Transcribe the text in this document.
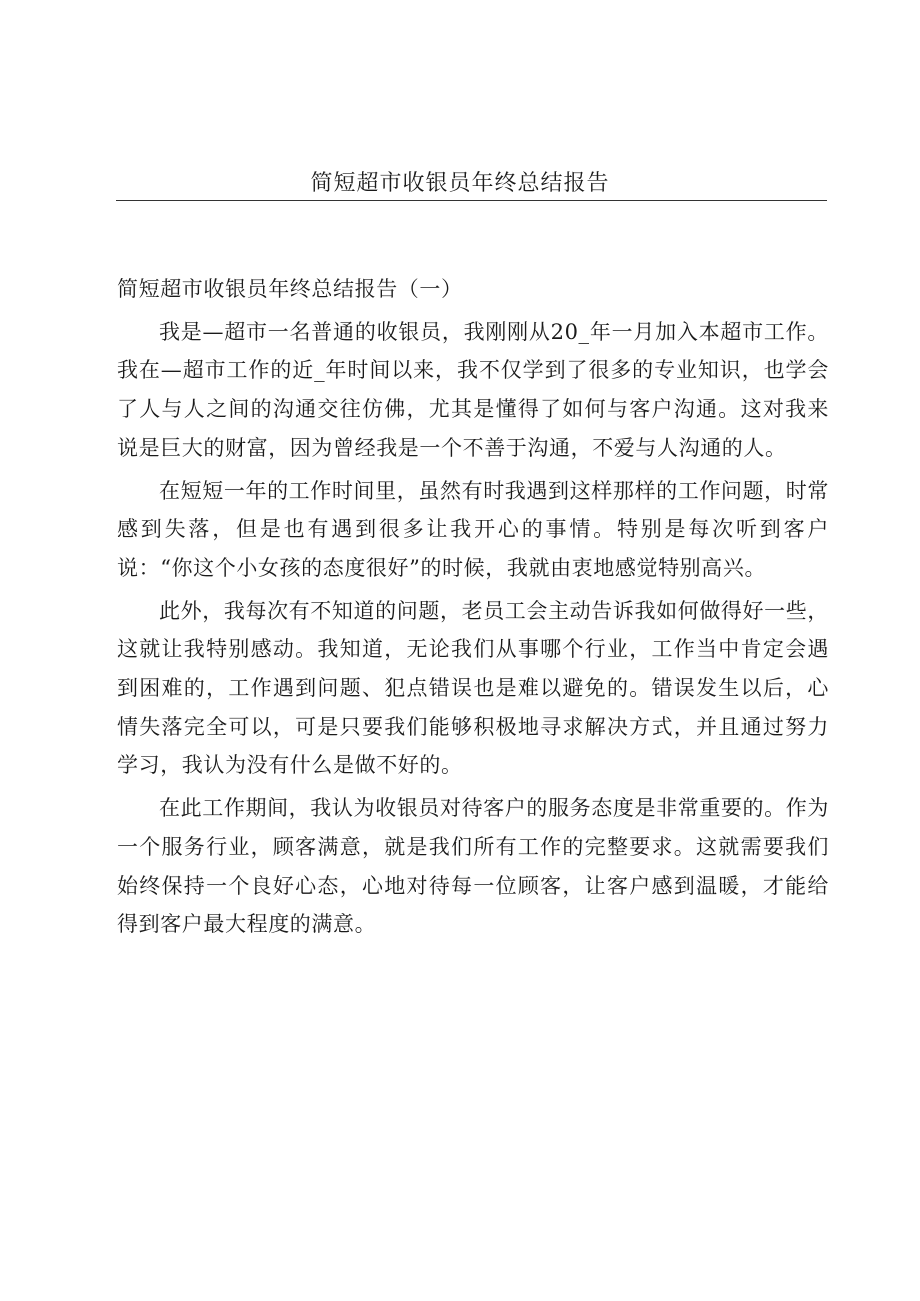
简短超市收银员年终总结报告

简短超市收银员年终总结报告（一）

我是—超市一名普通的收银员，我刚刚从20_年一月加入本超市工作。我在—超市工作的近_年时间以来，我不仅学到了很多的专业知识，也学会了人与人之间的沟通交往仿佛，尤其是懂得了如何与客户沟通。这对我来说是巨大的财富，因为曾经我是一个不善于沟通，不爱与人沟通的人。

在短短一年的工作时间里，虽然有时我遇到这样那样的工作问题，时常感到失落，但是也有遇到很多让我开心的事情。特别是每次听到客户说：“你这个小女孩的态度很好”的时候，我就由衷地感觉特别高兴。

此外，我每次有不知道的问题，老员工会主动告诉我如何做得好一些，这就让我特别感动。我知道，无论我们从事哪个行业，工作当中肯定会遇到困难的，工作遇到问题、犯点错误也是难以避免的。错误发生以后，心情失落完全可以，可是只要我们能够积极地寻求解决方式，并且通过努力学习，我认为没有什么是做不好的。

在此工作期间，我认为收银员对待客户的服务态度是非常重要的。作为一个服务行业，顾客满意，就是我们所有工作的完整要求。这就需要我们始终保持一个良好心态，心地对待每一位顾客，让客户感到温暖，才能给得到客户最大程度的满意。
